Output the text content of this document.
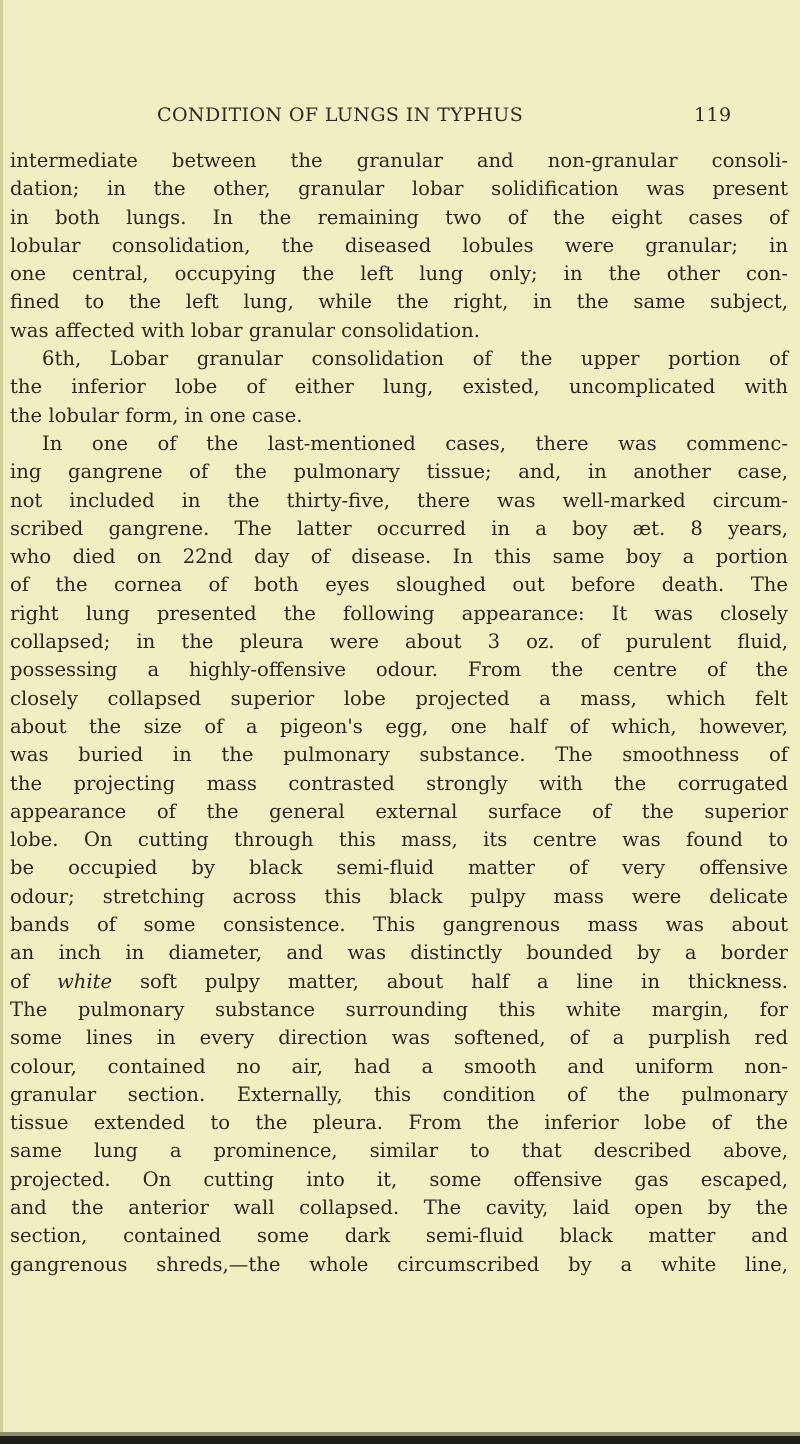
CONDITION OF LUNGS IN TYPHUS	119
intermediate between the granular and non-granular consoli-
dation; in the other, granular lobar solidification was present
in both lungs. In the remaining two of the eight cases of
lobular consolidation, the diseased lobules were granular; in
one central, occupying the left lung only; in the other con-
fined to the left lung, while the right, in the same subject,
was affected with lobar granular consolidation.
6th, Lobar granular consolidation of the upper portion of
the inferior lobe of either lung, existed, uncomplicated with
the lobular form, in one case.
In one of the last-mentioned cases, there was commenc-
ing gangrene of the pulmonary tissue; and, in another case,
not included in the thirty-five, there was well-marked circum-
scribed gangrene. The latter occurred in a boy æt. 8 years,
who died on 22nd day of disease. In this same boy a portion
of the cornea of both eyes sloughed out before death. The
right lung presented the following appearance: It was closely
collapsed; in the pleura were about 3 oz. of purulent fluid,
possessing a highly-offensive odour. From the centre of the
closely collapsed superior lobe projected a mass, which felt
about the size of a pigeon's egg, one half of which, however,
was buried in the pulmonary substance. The smoothness of
the projecting mass contrasted strongly with the corrugated
appearance of the general external surface of the superior
lobe. On cutting through this mass, its centre was found to
be occupied by black semi-fluid matter of very offensive
odour; stretching across this black pulpy mass were delicate
bands of some consistence. This gangrenous mass was about
an inch in diameter, and was distinctly bounded by a border
of white soft pulpy matter, about half a line in thickness.
The pulmonary substance surrounding this white margin, for
some lines in every direction was softened, of a purplish red
colour, contained no air, had a smooth and uniform non-
granular section. Externally, this condition of the pulmonary
tissue extended to the pleura. From the inferior lobe of the
same lung a prominence, similar to that described above,
projected. On cutting into it, some offensive gas escaped,
and the anterior wall collapsed. The cavity, laid open by the
section, contained some dark semi-fluid black matter and
gangrenous shreds,—the whole circumscribed by a white line,
